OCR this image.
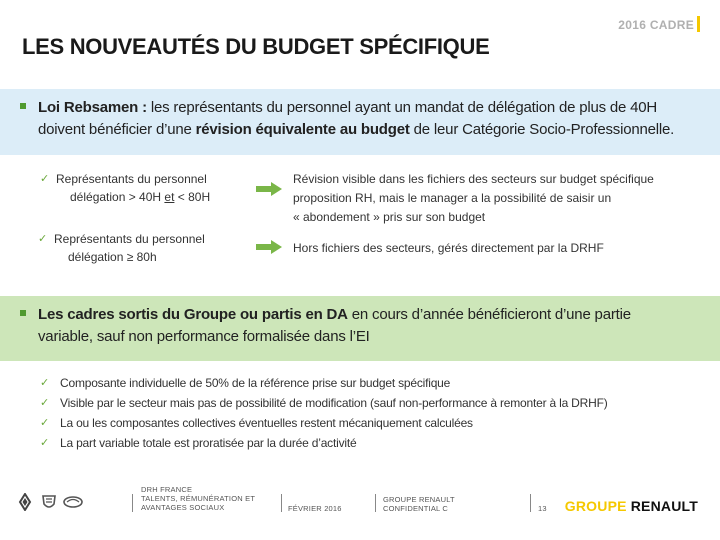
2016 CADRE
LES NOUVEAUTÉS DU BUDGET SPÉCIFIQUE
Loi Rebsamen : les représentants du personnel ayant un mandat de délégation de plus de 40H
doivent bénéficier d’une révision équivalente au budget de leur Catégorie Socio-Professionnelle.
✓ Représentants du personnel
délégation > 40H et < 80H
Révision visible dans les fichiers des secteurs sur budget spécifique
proposition RH, mais le manager a la possibilité de saisir un
« abondement » pris sur son budget
✓ Représentants du personnel
délégation ≥ 80h
Hors fichiers des secteurs, gérés directement par la DRHF
Les cadres sortis du Groupe ou partis en DA en cours d’année bénéficieront d’une partie
variable, sauf non performance formalisée dans l’EI
✓ Composante individuelle de 50% de la référence prise sur budget spécifique
✓ Visible par le secteur mais pas de possibilité de modification (sauf non-performance à remonter à la DRHF)
✓ La ou les composantes collectives éventuelles restent mécaniquement calculées
✓ La part variable totale est proratisée par la durée d’activité
DRH FRANCE
TALENTS, RÉMUNÉRATION ET
AVANTAGES SOCIAUX	FÉVRIER 2016
GROUPE RENAULT
CONFIDENTIAL C	13 GROUPE RENAULT
